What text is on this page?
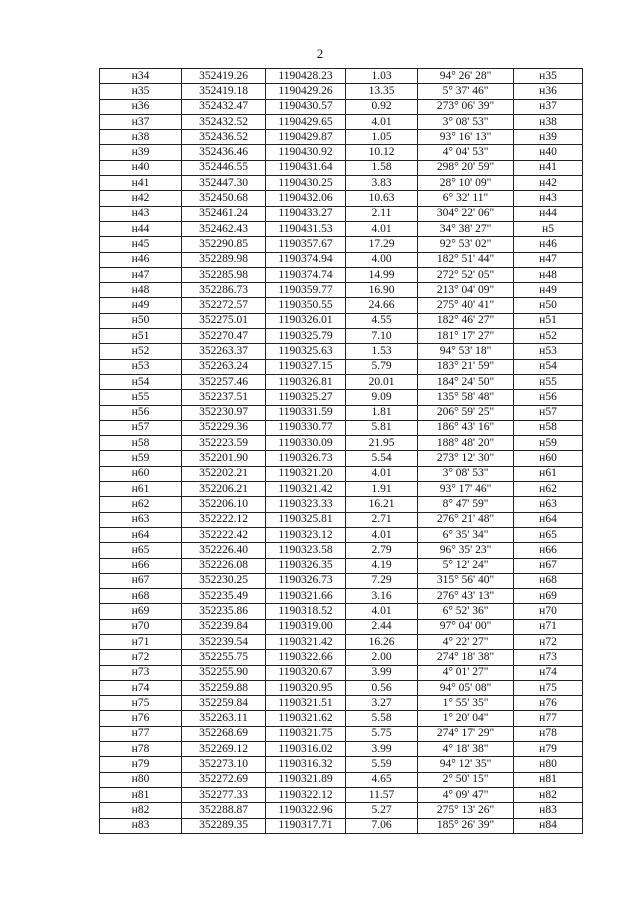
2
н34	352419.26	1190428.23	1.03	94° 26' 28"	н35
н35	352419.18	1190429.26	13.35	5° 37' 46"	н36
н36	352432.47	1190430.57	0.92	273° 06' 39"	н37
н37	352432.52	1190429.65	4.01	3° 08' 53"	н38
н38	352436.52	1190429.87	1.05	93° 16' 13"	н39
н39	352436.46	1190430.92	10.12	4° 04' 53"	н40
н40	352446.55	1190431.64	1.58	298° 20' 59"	н41
н41	352447.30	1190430.25	3.83	28° 10' 09"	н42
н42	352450.68	1190432.06	10.63	6° 32' 11"	н43
н43	352461.24	1190433.27	2.11	304° 22' 06"	н44
н44	352462.43	1190431.53	4.01	34° 38' 27"	н5
н45	352290.85	1190357.67	17.29	92° 53' 02"	н46
н46	352289.98	1190374.94	4.00	182° 51' 44"	н47
н47	352285.98	1190374.74	14.99	272° 52' 05"	н48
н48	352286.73	1190359.77	16.90	213° 04' 09"	н49
н49	352272.57	1190350.55	24.66	275° 40' 41"	н50
н50	352275.01	1190326.01	4.55	182° 46' 27"	н51
н51	352270.47	1190325.79	7.10	181° 17' 27"	н52
н52	352263.37	1190325.63	1.53	94° 53' 18"	н53
н53	352263.24	1190327.15	5.79	183° 21' 59"	н54
н54	352257.46	1190326.81	20.01	184° 24' 50"	н55
н55	352237.51	1190325.27	9.09	135° 58' 48"	н56
н56	352230.97	1190331.59	1.81	206° 59' 25"	н57
н57	352229.36	1190330.77	5.81	186° 43' 16"	н58
н58	352223.59	1190330.09	21.95	188° 48' 20"	н59
н59	352201.90	1190326.73	5.54	273° 12' 30"	н60
н60	352202.21	1190321.20	4.01	3° 08' 53"	н61
н61	352206.21	1190321.42	1.91	93° 17' 46"	н62
н62	352206.10	1190323.33	16.21	8° 47' 59"	н63
н63	352222.12	1190325.81	2.71	276° 21' 48"	н64
н64	352222.42	1190323.12	4.01	6° 35' 34"	н65
н65	352226.40	1190323.58	2.79	96° 35' 23"	н66
н66	352226.08	1190326.35	4.19	5° 12' 24"	н67
н67	352230.25	1190326.73	7.29	315° 56' 40"	н68
н68	352235.49	1190321.66	3.16	276° 43' 13"	н69
н69	352235.86	1190318.52	4.01	6° 52' 36"	н70
н70	352239.84	1190319.00	2.44	97° 04' 00"	н71
н71	352239.54	1190321.42	16.26	4° 22' 27"	н72
н72	352255.75	1190322.66	2.00	274° 18' 38"	н73
н73	352255.90	1190320.67	3.99	4° 01' 27"	н74
н74	352259.88	1190320.95	0.56	94° 05' 08"	н75
н75	352259.84	1190321.51	3.27	1° 55' 35"	н76
н76	352263.11	1190321.62	5.58	1° 20' 04"	н77
н77	352268.69	1190321.75	5.75	274° 17' 29"	н78
н78	352269.12	1190316.02	3.99	4° 18' 38"	н79
н79	352273.10	1190316.32	5.59	94° 12' 35"	н80
н80	352272.69	1190321.89	4.65	2° 50' 15"	н81
н81	352277.33	1190322.12	11.57	4° 09' 47"	н82
н82	352288.87	1190322.96	5.27	275° 13' 26"	н83
н83	352289.35	1190317.71	7.06	185° 26' 39"	н84
